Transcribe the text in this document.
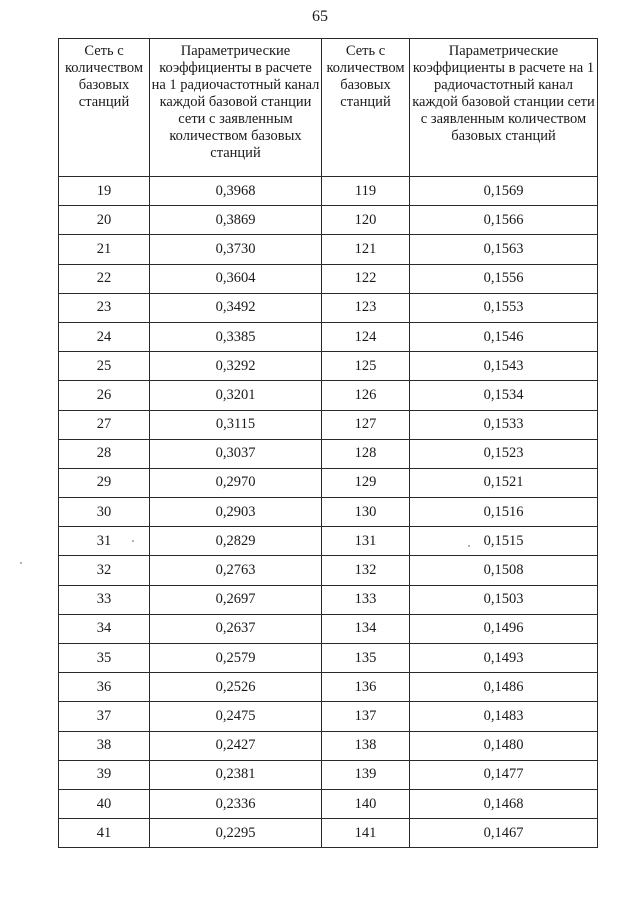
65
Сеть с количеством базовых станций	Параметрические коэффициенты в расчете на 1 радиочастотный канал каждой базовой станции сети с заявленным количеством базовых станций	Сеть с количеством базовых станций	Параметрические коэффициенты в расчете на 1 радиочастотный канал каждой базовой станции сети с заявленным количеством базовых станций
19	0,3968	119	0,1569
20	0,3869	120	0,1566
21	0,3730	121	0,1563
22	0,3604	122	0,1556
23	0,3492	123	0,1553
24	0,3385	124	0,1546
25	0,3292	125	0,1543
26	0,3201	126	0,1534
27	0,3115	127	0,1533
28	0,3037	128	0,1523
29	0,2970	129	0,1521
30	0,2903	130	0,1516
31	0,2829	131	0,1515
32	0,2763	132	0,1508
33	0,2697	133	0,1503
34	0,2637	134	0,1496
35	0,2579	135	0,1493
36	0,2526	136	0,1486
37	0,2475	137	0,1483
38	0,2427	138	0,1480
39	0,2381	139	0,1477
40	0,2336	140	0,1468
41	0,2295	141	0,1467
